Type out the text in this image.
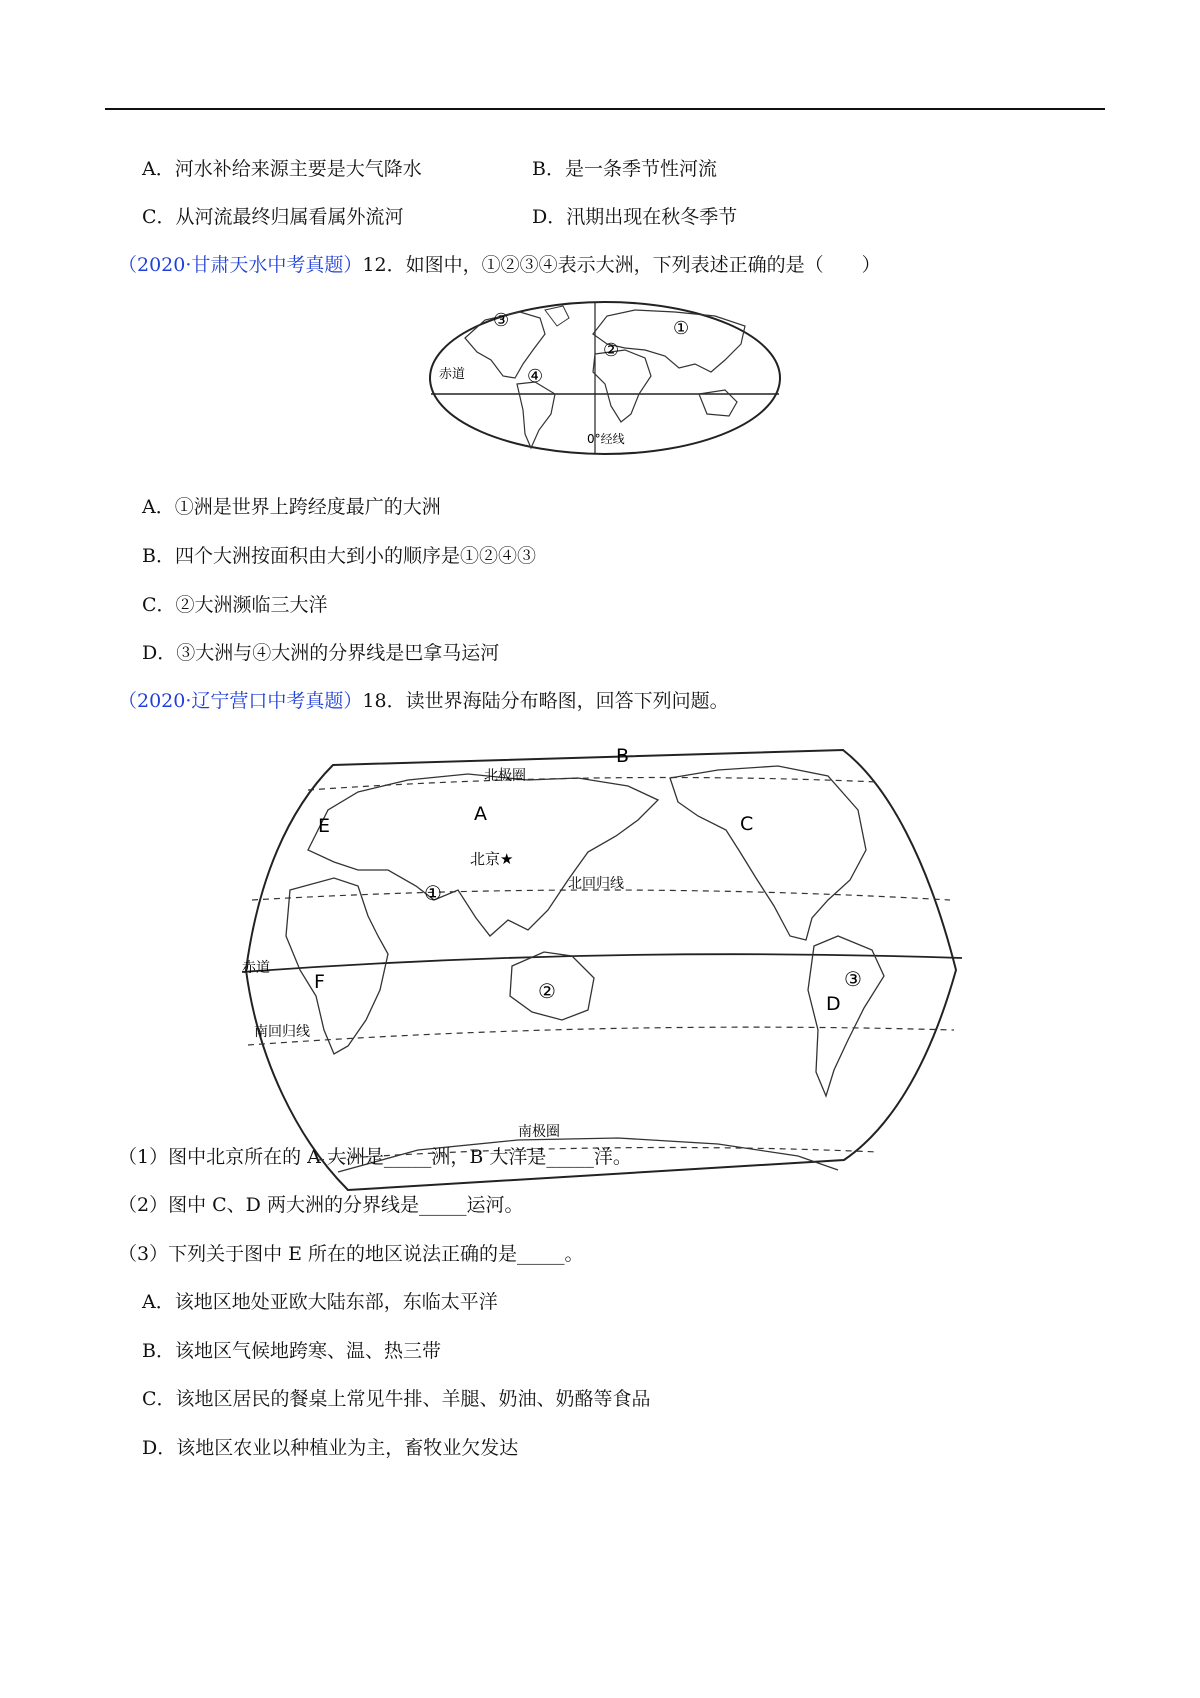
A．河水补给来源主要是大气降水	B．是一条季节性河流
C．从河流最终归属看属外流河	D．汛期出现在秋冬季节
（2020·甘肃天水中考真题）12．如图中，①②③④表示大洲，下列表述正确的是（　　）
①
②
③
④
赤道
0°经线
A．①洲是世界上跨经度最广的大洲
B．四个大洲按面积由大到小的顺序是①②④③
C．②大洲濒临三大洋
D．③大洲与④大洲的分界线是巴拿马运河
（2020·辽宁营口中考真题）18．读世界海陆分布略图，回答下列问题。
A
B
C
D
E
F
①
②	③
北京★
北极圈
南极圈
北回归线
南回归线
赤道
（1）图中北京所在的 A 大洲是_____洲，B 大洋是_____洋。
（2）图中 C、D 两大洲的分界线是_____运河。
（3）下列关于图中 E 所在的地区说法正确的是_____。
A．该地区地处亚欧大陆东部，东临太平洋
B．该地区气候地跨寒、温、热三带
C．该地区居民的餐桌上常见牛排、羊腿、奶油、奶酪等食品
D．该地区农业以种植业为主，畜牧业欠发达
